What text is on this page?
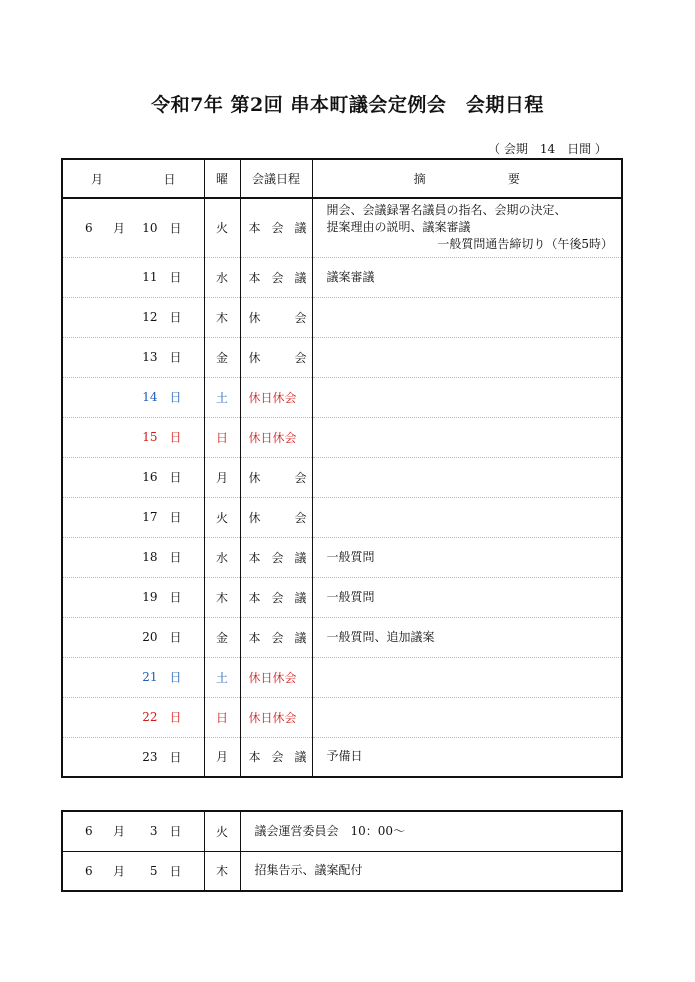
令和7年 第2回 串本町議会定例会　会期日程
（ 会期　14　日間 ）
月 日	曜	会議日程	摘 要

6 月 10 日	火	本 会 議	開会、会議録署名議員の指名、会期の決定、
提案理由の説明、議案審議
一般質問通告締切り（午後5時）

11 日	水	本 会 議	議案審議

12 日	木	休 会	

13 日	金	休 会	

14 日	土	休日休会	

15 日	日	休日休会	

16 日	月	休 会	

17 日	火	休 会	

18 日	水	本 会 議	一般質問

19 日	木	本 会 議	一般質問

20 日	金	本 会 議	一般質問、追加議案

21 日	土	休日休会	

22 日	日	休日休会	

23 日	月	本 会 議	予備日
6 月 3 日	火	議会運営委員会　10：00～

6 月 5 日	木	招集告示、議案配付
